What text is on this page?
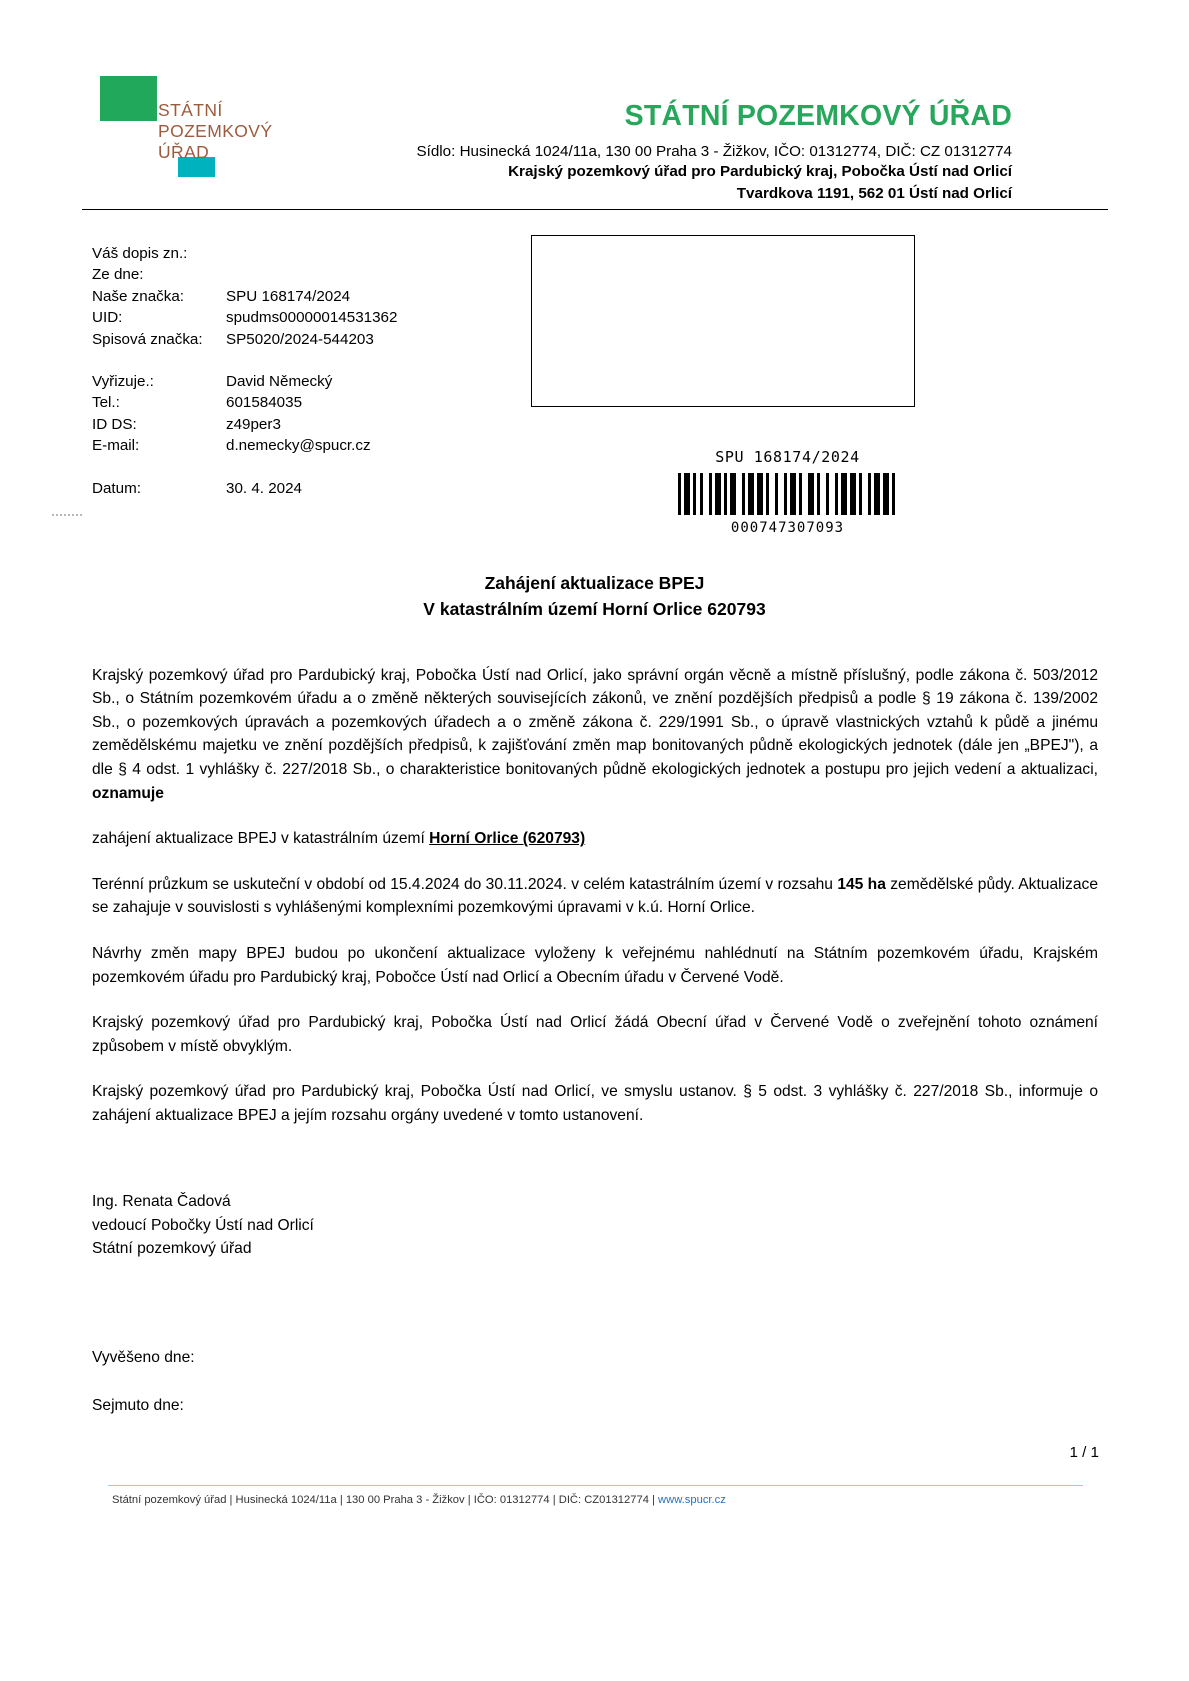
STÁTNÍ
POZEMKOVÝ
ÚŘAD
STÁTNÍ POZEMKOVÝ ÚŘAD
Sídlo: Husinecká 1024/11a, 130 00 Praha 3 - Žižkov, IČO: 01312774, DIČ: CZ 01312774
Krajský pozemkový úřad pro Pardubický kraj, Pobočka Ústí nad Orlicí
Tvardkova 1191, 562 01 Ústí nad Orlicí
Váš dopis zn.:
Ze dne:
Naše značka:	SPU 168174/2024
UID:	spudms00000014531362
Spisová značka:	SP5020/2024-544203
Vyřizuje.:	David Německý
Tel.:	601584035
ID DS:	z49per3
E-mail:	d.nemecky@spucr.cz
Datum:	30. 4. 2024
SPU 168174/2024
000747307093
Zahájení aktualizace BPEJ
V katastrálním území Horní Orlice 620793

Krajský pozemkový úřad pro Pardubický kraj, Pobočka Ústí nad Orlicí, jako správní orgán věcně a místně příslušný, podle zákona č. 503/2012 Sb., o Státním pozemkovém úřadu a o změně některých souvisejících zákonů, ve znění pozdějších předpisů a podle § 19 zákona č. 139/2002 Sb., o pozemkových úpravách a pozemkových úřadech a o změně zákona č. 229/1991 Sb., o úpravě vlastnických vztahů k půdě a jinému zemědělskému majetku ve znění pozdějších předpisů, k zajišťování změn map bonitovaných půdně ekologických jednotek (dále jen „BPEJ"), a dle § 4 odst. 1 vyhlášky č. 227/2018 Sb., o charakteristice bonitovaných půdně ekologických jednotek a postupu pro jejich vedení a aktualizaci, oznamuje

zahájení aktualizace BPEJ v katastrálním území Horní Orlice (620793)

Terénní průzkum se uskuteční v období od 15.4.2024 do 30.11.2024. v celém katastrálním území v rozsahu 145 ha zemědělské půdy. Aktualizace se zahajuje v souvislosti s vyhlášenými komplexními pozemkovými úpravami v k.ú. Horní Orlice.

Návrhy změn mapy BPEJ budou po ukončení aktualizace vyloženy k veřejnému nahlédnutí na Státním pozemkovém úřadu, Krajském pozemkovém úřadu pro Pardubický kraj, Pobočce Ústí nad Orlicí a Obecním úřadu v Červené Vodě.

Krajský pozemkový úřad pro Pardubický kraj, Pobočka Ústí nad Orlicí žádá Obecní úřad v Červené Vodě o zveřejnění tohoto oznámení způsobem v místě obvyklým.

Krajský pozemkový úřad pro Pardubický kraj, Pobočka Ústí nad Orlicí, ve smyslu ustanov. § 5 odst. 3 vyhlášky č. 227/2018 Sb., informuje o zahájení aktualizace BPEJ a jejím rozsahu orgány uvedené v tomto ustanovení.

Ing. Renata Čadová
vedoucí Pobočky Ústí nad Orlicí
Státní pozemkový úřad
Vyvěšeno dne:
Sejmuto dne:
1 / 1
Státní pozemkový úřad | Husinecká 1024/11a | 130 00 Praha 3 - Žižkov | IČO: 01312774 | DIČ: CZ01312774 | www.spucr.cz
